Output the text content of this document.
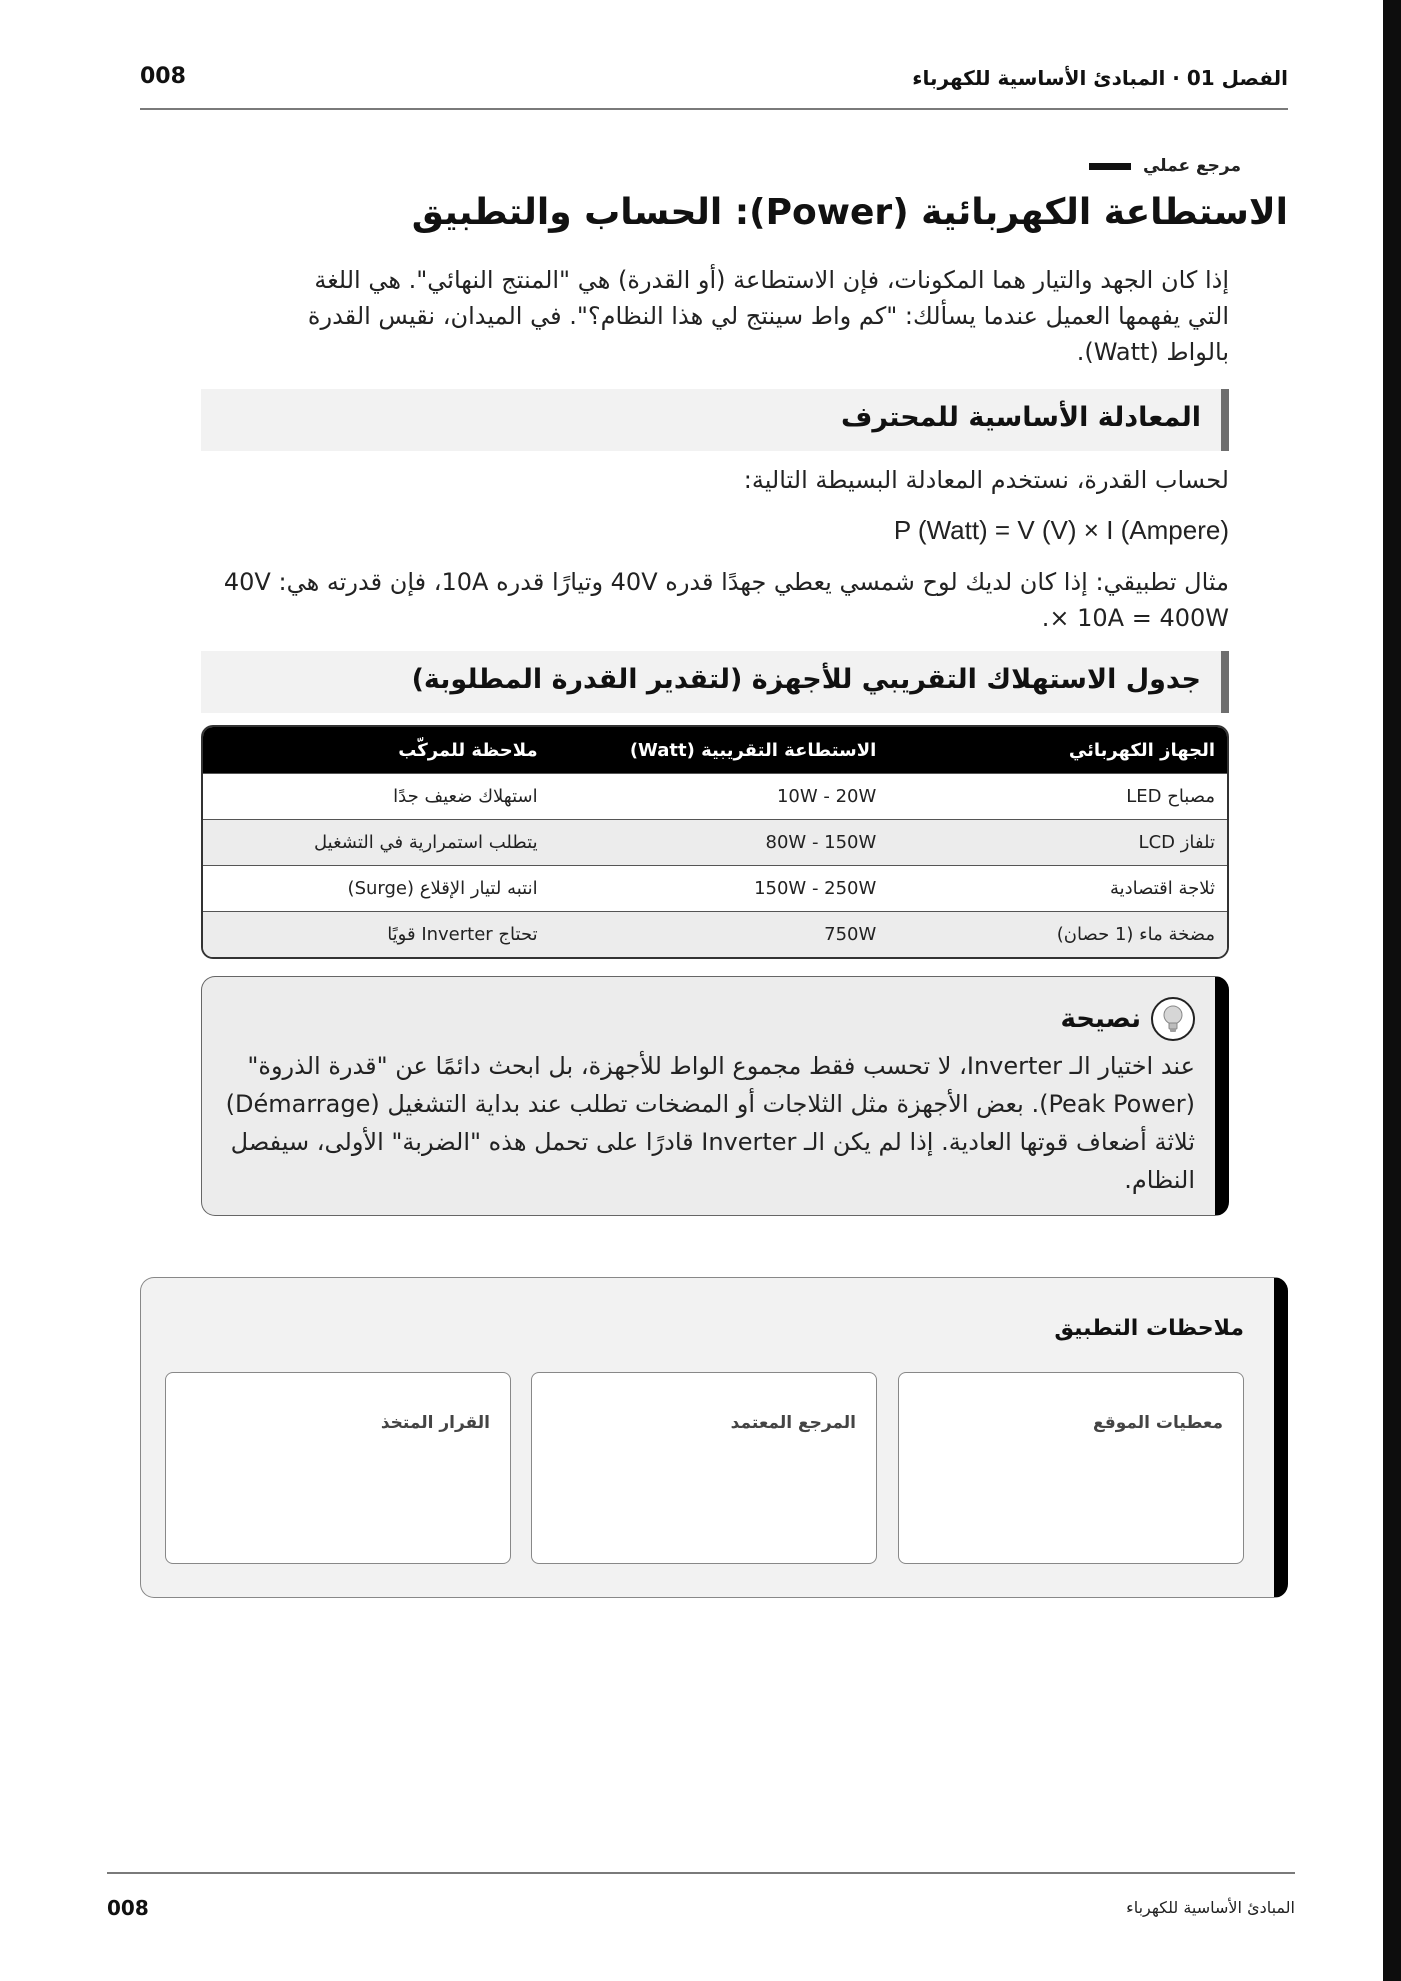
الفصل 01 · المبادئ الأساسية للكهرباء
008
مرجع عملي
الاستطاعة الكهربائية (Power): الحساب والتطبيق

إذا كان الجهد والتيار هما المكونات، فإن الاستطاعة (أو القدرة) هي "المنتج النهائي". هي اللغة التي يفهمها العميل عندما يسألك: "كم واط سينتج لي هذا النظام؟". في الميدان، نقيس القدرة بالواط (Watt).

المعادلة الأساسية للمحترف

لحساب القدرة، نستخدم المعادلة البسيطة التالية:

P (Watt) = V (V) × I (Ampere)

مثال تطبيقي: إذا كان لديك لوح شمسي يعطي جهدًا قدره 40V وتيارًا قدره 10A، فإن قدرته هي: 40V × 10A = 400W.

جدول الاستهلاك التقريبي للأجهزة (لتقدير القدرة المطلوبة)
الجهاز الكهربائي	الاستطاعة التقريبية (Watt)	ملاحظة للمركّب
مصباح LED	10W - 20W	استهلاك ضعيف جدًا
تلفاز LCD	80W - 150W	يتطلب استمرارية في التشغيل
ثلاجة اقتصادية	150W - 250W	انتبه لتيار الإقلاع (Surge)
مضخة ماء (1 حصان)	750W	تحتاج Inverter قويًا
نصيحة

عند اختيار الـ Inverter، لا تحسب فقط مجموع الواط للأجهزة، بل ابحث دائمًا عن "قدرة الذروة" (Peak Power). بعض الأجهزة مثل الثلاجات أو المضخات تطلب عند بداية التشغيل (Démarrage) ثلاثة أضعاف قوتها العادية. إذا لم يكن الـ Inverter قادرًا على تحمل هذه "الضربة" الأولى، سيفصل النظام.

ملاحظات التطبيق
معطيات الموقع
المرجع المعتمد
القرار المتخذ
المبادئ الأساسية للكهرباء
008
